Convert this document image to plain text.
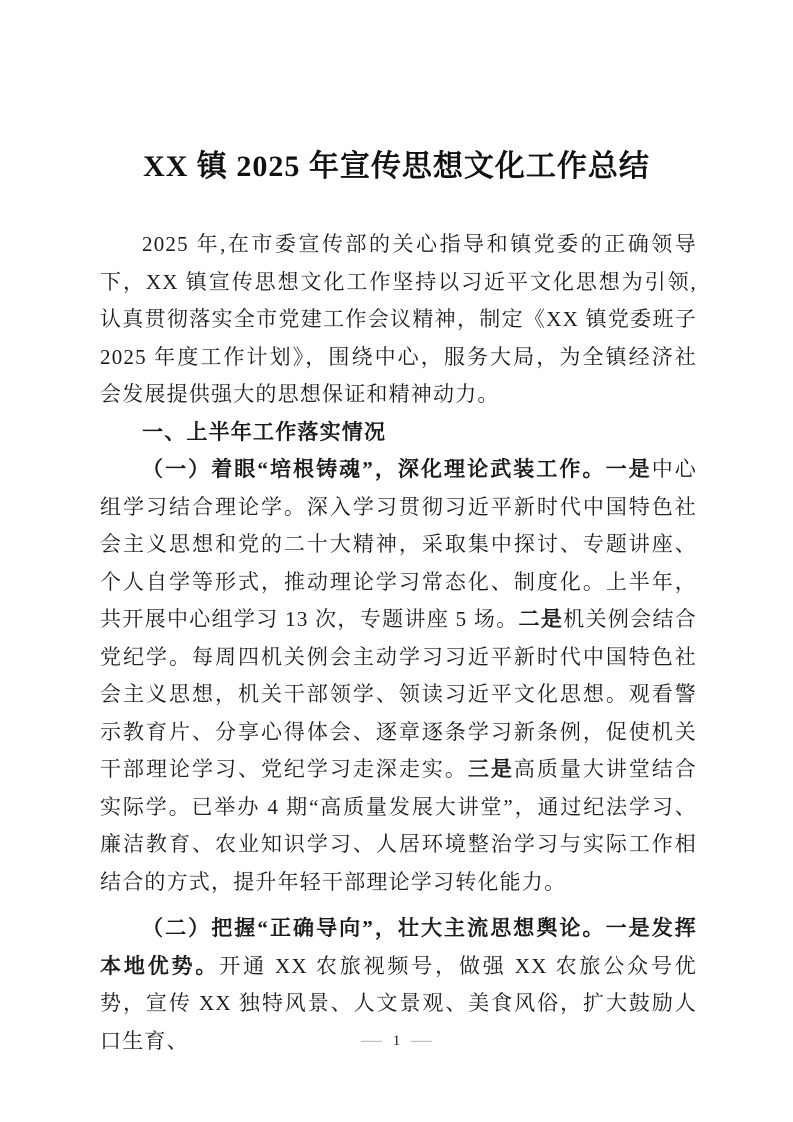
XX 镇 2025 年宣传思想文化工作总结

2025 年,在市委宣传部的关心指导和镇党委的正确领导下，XX 镇宣传思想文化工作坚持以习近平文化思想为引领,认真贯彻落实全市党建工作会议精神，制定《XX 镇党委班子 2025 年度工作计划》，围绕中心，服务大局，为全镇经济社会发展提供强大的思想保证和精神动力。

一、上半年工作落实情况

（一）着眼“培根铸魂”，深化理论武装工作。一是中心组学习结合理论学。深入学习贯彻习近平新时代中国特色社会主义思想和党的二十大精神，采取集中探讨、专题讲座、个人自学等形式，推动理论学习常态化、制度化。上半年，共开展中心组学习 13 次，专题讲座 5 场。二是机关例会结合党纪学。每周四机关例会主动学习习近平新时代中国特色社会主义思想，机关干部领学、领读习近平文化思想。观看警示教育片、分享心得体会、逐章逐条学习新条例，促使机关干部理论学习、党纪学习走深走实。三是高质量大讲堂结合实际学。已举办 4 期“高质量发展大讲堂”，通过纪法学习、廉洁教育、农业知识学习、人居环境整治学习与实际工作相结合的方式，提升年轻干部理论学习转化能力。

（二）把握“正确导向”，壮大主流思想舆论。一是发挥本地优势。开通 XX 农旅视频号，做强 XX 农旅公众号优势，宣传 XX 独特风景、人文景观、美食风俗，扩大鼓励人口生育、	— 1 —
